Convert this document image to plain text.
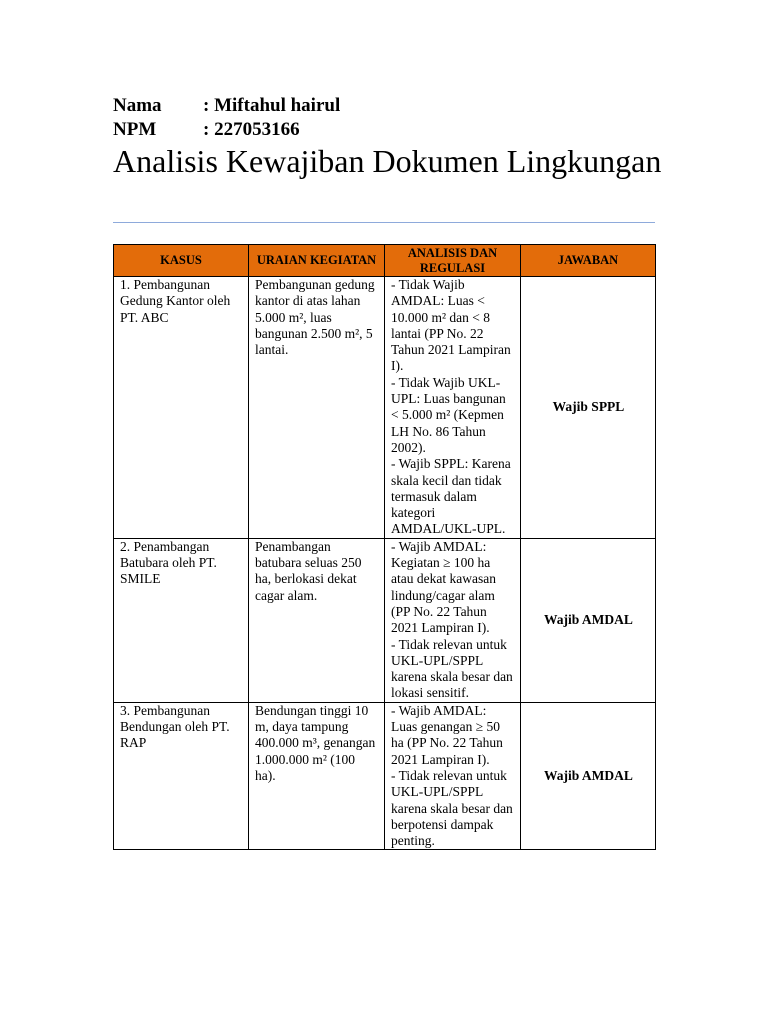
Nama	: Miftahul hairul
NPM	: 227053166
Analisis Kewajiban Dokumen Lingkungan
KASUS	URAIAN KEGIATAN	ANALISIS DAN REGULASI	JAWABAN
1. Pembangunan Gedung Kantor oleh PT. ABC	Pembangunan gedung kantor di atas lahan 5.000 m², luas bangunan 2.500 m², 5 lantai.	- Tidak Wajib AMDAL: Luas < 10.000 m² dan < 8 lantai (PP No. 22 Tahun 2021 Lampiran I).
- Tidak Wajib UKL-UPL: Luas bangunan < 5.000 m² (Kepmen LH No. 86 Tahun 2002).
- Wajib SPPL: Karena skala kecil dan tidak termasuk dalam kategori AMDAL/UKL-UPL.	Wajib SPPL
2. Penambangan Batubara oleh PT. SMILE	Penambangan batubara seluas 250 ha, berlokasi dekat cagar alam.	- Wajib AMDAL: Kegiatan ≥ 100 ha atau dekat kawasan lindung/cagar alam (PP No. 22 Tahun 2021 Lampiran I).
- Tidak relevan untuk UKL-UPL/SPPL karena skala besar dan lokasi sensitif.	Wajib AMDAL
3. Pembangunan Bendungan oleh PT. RAP	Bendungan tinggi 10 m, daya tampung 400.000 m³, genangan 1.000.000 m² (100 ha).	- Wajib AMDAL: Luas genangan ≥ 50 ha (PP No. 22 Tahun 2021 Lampiran I).
- Tidak relevan untuk UKL-UPL/SPPL karena skala besar dan berpotensi dampak penting.	Wajib AMDAL
